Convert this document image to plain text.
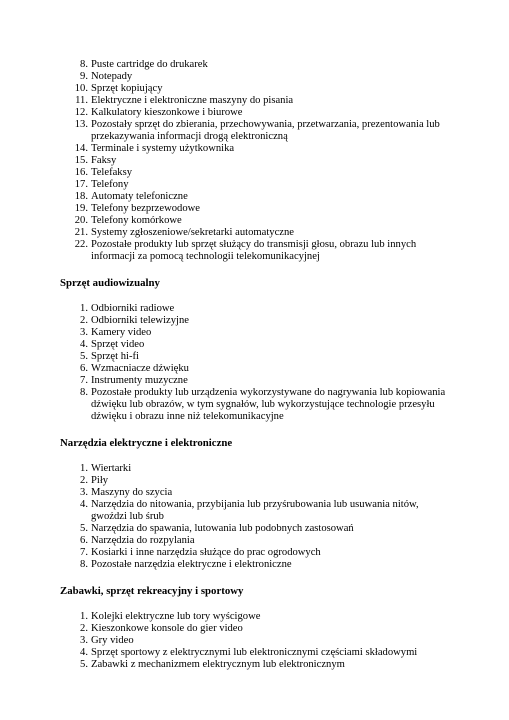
8. Puste cartridge do drukarek
9. Notepady
10. Sprzęt kopiujący
11. Elektryczne i elektroniczne maszyny do pisania
12. Kalkulatory kieszonkowe i biurowe
13. Pozostały sprzęt do zbierania, przechowywania, przetwarzania, prezentowania lub przekazywania informacji drogą elektroniczną
14. Terminale i systemy użytkownika
15. Faksy
16. Telefaksy
17. Telefony
18. Automaty telefoniczne
19. Telefony bezprzewodowe
20. Telefony komórkowe
21. Systemy zgłoszeniowe/sekretarki automatyczne
22. Pozostałe produkty lub sprzęt służący do transmisji głosu, obrazu lub innych informacji za pomocą technologii telekomunikacyjnej
Sprzęt audiowizualny
1. Odbiorniki radiowe
2. Odbiorniki telewizyjne
3. Kamery video
4. Sprzęt video
5. Sprzęt hi-fi
6. Wzmacniacze dźwięku
7. Instrumenty muzyczne
8. Pozostałe produkty lub urządzenia wykorzystywane do nagrywania lub kopiowania dźwięku lub obrazów, w tym sygnałów, lub wykorzystujące technologie przesyłu dźwięku i obrazu inne niż telekomunikacyjne
Narzędzia elektryczne i elektroniczne
1. Wiertarki
2. Piły
3. Maszyny do szycia
4. Narzędzia do nitowania, przybijania lub przyśrubowania lub usuwania nitów, gwoździ lub śrub
5. Narzędzia do spawania, lutowania lub podobnych zastosowań
6. Narzędzia do rozpylania
7. Kosiarki i inne narzędzia służące do prac ogrodowych
8. Pozostałe narzędzia elektryczne i elektroniczne
Zabawki, sprzęt rekreacyjny i sportowy
1. Kolejki elektryczne lub tory wyścigowe
2. Kieszonkowe konsole do gier video
3. Gry video
4. Sprzęt sportowy z elektrycznymi lub elektronicznymi częściami składowymi
5. Zabawki z mechanizmem elektrycznym lub elektronicznym
